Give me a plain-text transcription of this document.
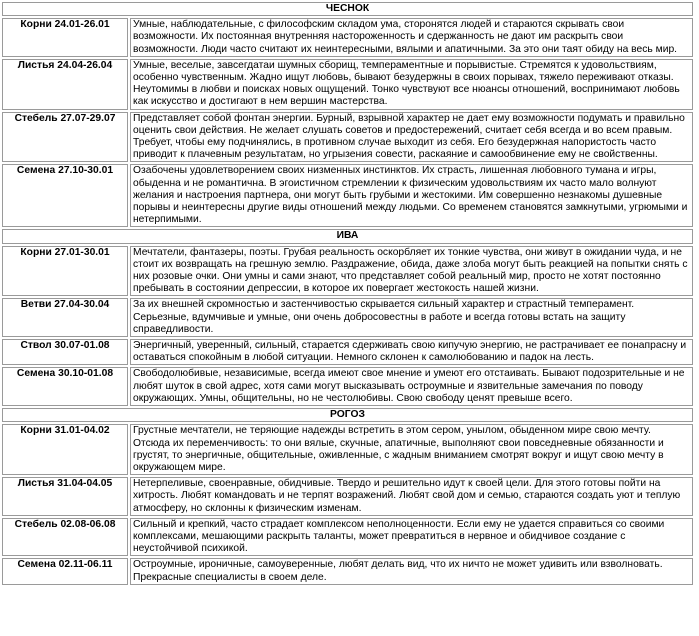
ЧЕСНОК	
Корни 24.01-26.01	Умные, наблюдательные, с философским складом ума, сторонятся людей и стараются скрывать свои возможности. Их постоянная внутренняя настороженность и сдержанность не дают им раскрыть свои возможности. Люди часто считают их неинтересными, вялыми и апатичными. За это они таят обиду на весь мир.
Листья 24.04-26.04	Умные, веселые, завсегдатаи шумных сборищ, темпераментные и порывистые. Стремятся к удовольствиям, особенно чувственным. Жадно ищут любовь, бывают безудержны в своих порывах, тяжело переживают отказы. Неутомимы в любви и поисках новых ощущений. Тонко чувствуют все нюансы отношений, воспринимают любовь как искусство и достигают в нем вершин мастерства.
Стебель 27.07-29.07	Представляет собой фонтан энергии. Бурный, взрывной характер не дает ему возможности подумать и правильно оценить свои действия. Не желает слушать советов и предостережений, считает себя всегда и во всем правым. Требует, чтобы ему подчинялись, в противном случае выходит из себя. Его безудержная напористость часто приводит к плачевным результатам, но угрызения совести, раскаяние и самообвинение ему не свойственны.
Семена 27.10-30.01	Озабочены удовлетворением своих низменных инстинктов. Их страсть, лишенная любовного тумана и игры, обыденна и не романтична. В эгоистичном стремлении к физическим удовольствиям их часто мало волнуют желания и настроения партнера, они могут быть грубыми и жестокими. Им совершенно незнакомы душевные порывы и неинтересны другие виды отношений между людьми. Со временем становятся замкнутыми, угрюмыми и нетерпимыми.
ИВА	
Корни 27.01-30.01	Мечтатели, фантазеры, поэты. Грубая реальность оскорбляет их тонкие чувства, они живут в ожидании чуда, и не стоит их возвращать на грешную землю. Раздражение, обида, даже злоба могут быть реакцией на попытки снять с них розовые очки. Они умны и сами знают, что представляет собой реальный мир, просто не хотят постоянно пребывать в состоянии депрессии, в которое их повергает жестокость нашей жизни.
Ветви 27.04-30.04	За их внешней скромностью и застенчивостью скрывается сильный характер и страстный темперамент. Серьезные, вдумчивые и умные, они очень добросовестны в работе и всегда готовы встать на защиту справедливости.
Ствол 30.07-01.08	Энергичный, уверенный, сильный, старается сдерживать свою кипучую энергию, не растрачивает ее понапрасну и оставаться спокойным в любой ситуации. Немного склонен к самолюбованию и падок на лесть.
Семена 30.10-01.08	Свободолюбивые, независимые, всегда имеют свое мнение и умеют его отстаивать. Бывают подозрительные и не любят шуток в свой адрес, хотя сами могут высказывать остроумные и язвительные замечания по поводу окружающих. Умны, общительны, но не честолюбивы. Свою свободу ценят превыше всего.
РОГОЗ	
Корни 31.01-04.02	Грустные мечтатели, не теряющие надежды встретить в этом сером, унылом, обыденном мире свою мечту. Отсюда их переменчивость: то они вялые, скучные, апатичные, выполняют свои повседневные обязанности и грустят, то энергичные, общительные, оживленные, с жадным вниманием смотрят вокруг и ищут свою мечту в окружающем мире.
Листья 31.04-04.05	Нетерпеливые, своенравные, обидчивые. Твердо и решительно идут к своей цели. Для этого готовы пойти на хитрость. Любят командовать и не терпят возражений. Любят свой дом и семью, стараются создать уют и теплую атмосферу, но склонны к физическим изменам.
Стебель 02.08-06.08	Сильный и крепкий, часто страдает комплексом неполноценности. Если ему не удается справиться со своими комплексами, мешающими раскрыть таланты, может превратиться в нервное и обидчивое создание с неустойчивой психикой.
Семена 02.11-06.11	Остроумные, ироничные, самоуверенные, любят делать вид, что их ничто не может удивить или взволновать. Прекрасные специалисты в своем деле.
